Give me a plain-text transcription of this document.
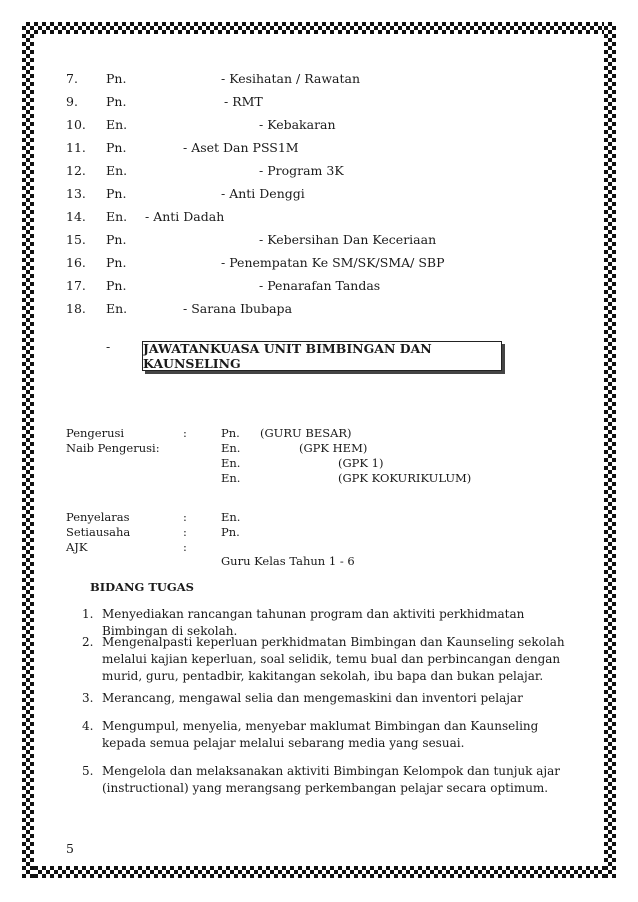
7. Pn.	- Kesihatan / Rawatan
9. Pn.	- RMT
10. En.	- Kebakaran
11. Pn.	- Aset Dan PSS1M
12. En.	- Program 3K
13. Pn.	- Anti Denggi
14. En. - Anti Dadah
15. Pn.	- Kebersihan Dan Keceriaan
16. Pn.	- Penempatan Ke SM/SK/SMA/ SBP
17. Pn.	- Penarafan Tandas
18. En.	- Sarana Ibubapa
-	JAWATANKUASA UNIT BIMBINGAN DAN KAUNSELING
Pengerusi	:	Pn. (GURU BESAR)
Naib Pengerusi:	En.	(GPK HEM)
En.	(GPK 1)
En.	(GPK KOKURIKULUM)
Penyelaras	:	En.
Setiausaha	:	Pn.
AJK	:
Guru Kelas Tahun 1 - 6
BIDANG TUGAS
1. Menyediakan rancangan tahunan program dan aktiviti perkhidmatan Bimbingan di sekolah.
2. Mengenalpasti keperluan perkhidmatan Bimbingan dan Kaunseling sekolah melalui kajian keperluan, soal selidik, temu bual dan perbincangan dengan murid, guru, pentadbir, kakitangan sekolah, ibu bapa dan bukan pelajar.
3. Merancang, mengawal selia dan mengemaskini dan inventori pelajar
4. Mengumpul, menyelia, menyebar maklumat Bimbingan dan Kaunseling kepada semua pelajar melalui sebarang media yang sesuai.
5. Mengelola dan melaksanakan aktiviti Bimbingan Kelompok dan tunjuk ajar (instructional) yang merangsang perkembangan pelajar secara optimum.
5
